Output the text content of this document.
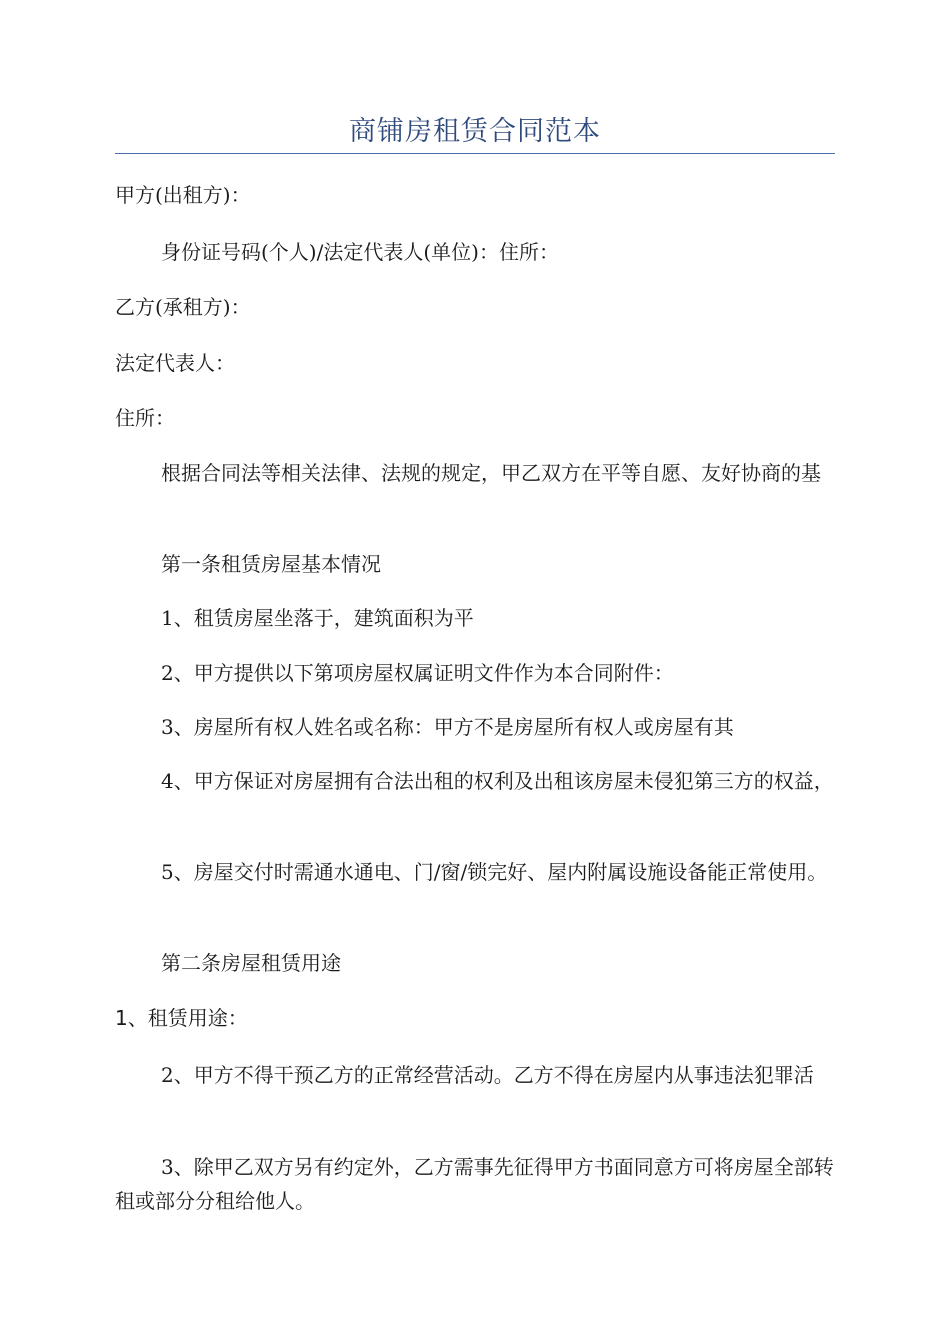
商铺房租赁合同范本

甲方(出租方)：

身份证号码(个人)/法定代表人(单位)：住所：

乙方(承租方)：

法定代表人：

住所：

根据合同法等相关法律、法规的规定，甲乙双方在平等自愿、友好协商的基

第一条租赁房屋基本情况

1、租赁房屋坐落于，建筑面积为平

2、甲方提供以下第项房屋权属证明文件作为本合同附件：

3、房屋所有权人姓名或名称：甲方不是房屋所有权人或房屋有其

4、甲方保证对房屋拥有合法出租的权利及出租该房屋未侵犯第三方的权益，

5、房屋交付时需通水通电、门/窗/锁完好、屋内附属设施设备能正常使用。

第二条房屋租赁用途

1、租赁用途：

2、甲方不得干预乙方的正常经营活动。乙方不得在房屋内从事违法犯罪活

3、除甲乙双方另有约定外，乙方需事先征得甲方书面同意方可将房屋全部转租或部分分租给他人。
